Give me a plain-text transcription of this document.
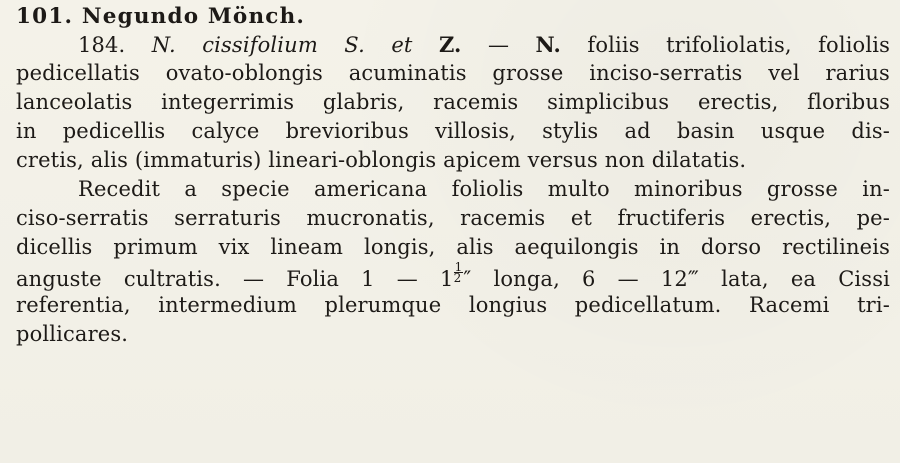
101. Negundo Mönch.
184. N. cissifolium S. et Z. — N. foliis trifoliolatis, foliolis
pedicellatis ovato-oblongis acuminatis grosse inciso-serratis vel rarius
lanceolatis integerrimis glabris, racemis simplicibus erectis, floribus
in pedicellis calyce brevioribus villosis, stylis ad basin usque dis-
cretis, alis (immaturis) lineari-oblongis apicem versus non dilatatis.
Recedit a specie americana foliolis multo minoribus grosse in-
ciso-serratis serraturis mucronatis, racemis et fructiferis erectis, pe-
dicellis primum vix lineam longis, alis aequilongis in dorso rectilineis
anguste cultratis. — Folia 1 — $1 \frac{1}{2}$ ″ longa, 6 — 12‴ lata, ea Cissi
referentia, intermedium plerumque longius pedicellatum. Racemi tri-
pollicares.
